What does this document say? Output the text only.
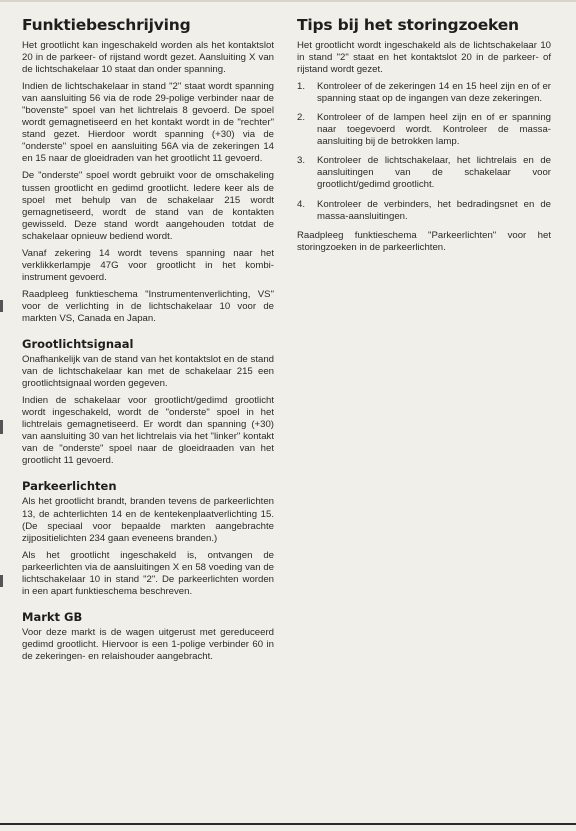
Funktiebeschrijving

Het grootlicht kan ingeschakeld worden als het kontaktslot 20 in de parkeer- of rijstand wordt gezet. Aansluiting X van de lichtschakelaar 10 staat dan onder spanning.

Indien de lichtschakelaar in stand "2" staat wordt spanning van aansluiting 56 via de rode 29-polige verbinder naar de "bovenste" spoel van het lichtrelais 8 gevoerd. De spoel wordt gemagnetiseerd en het kontakt wordt in de "rechter" stand gezet. Hierdoor wordt spanning (+30) via de "onderste" spoel en aansluiting 56A via de zekeringen 14 en 15 naar de gloeidraden van het grootlicht 11 gevoerd.

De "onderste" spoel wordt gebruikt voor de omschakeling tussen grootlicht en gedimd grootlicht. Iedere keer als de spoel met behulp van de schakelaar 215 wordt gemagnetiseerd, wordt de stand van de kontakten gewisseld. Deze stand wordt aangehouden totdat de schakelaar opnieuw bediend wordt.

Vanaf zekering 14 wordt tevens spanning naar het verklikkerlampje 47G voor grootlicht in het kombi-instrument gevoerd.

Raadpleeg funktieschema "Instrumentenverlichting, VS" voor de verlichting in de lichtschakelaar 10 voor de markten VS, Canada en Japan.

Grootlichtsignaal

Onafhankelijk van de stand van het kontaktslot en de stand van de lichtschakelaar kan met de schakelaar 215 een grootlichtsignaal worden gegeven.

Indien de schakelaar voor grootlicht/gedimd grootlicht wordt ingeschakeld, wordt de "onderste" spoel in het lichtrelais gemagnetiseerd. Er wordt dan spanning (+30) van aansluiting 30 van het lichtrelais via het "linker" kontakt van de "onderste" spoel naar de gloeidraaden van het grootlicht 11 gevoerd.

Parkeerlichten

Als het grootlicht brandt, branden tevens de parkeerlichten 13, de achterlichten 14 en de kentekenplaatverlichting 15. (De speciaal voor bepaalde markten aangebrachte zijpositielichten 234 gaan eveneens branden.)

Als het grootlicht ingeschakeld is, ontvangen de parkeerlichten via de aansluitingen X en 58 voeding van de lichtschakelaar 10 in stand "2". De parkeerlichten worden in een apart funktieschema beschreven.

Markt GB

Voor deze markt is de wagen uitgerust met gereduceerd gedimd grootlicht. Hiervoor is een 1-polige verbinder 60 in de zekeringen- en relaishouder aangebracht.

Tips bij het storingzoeken

Het grootlicht wordt ingeschakeld als de lichtschakelaar 10 in stand "2" staat en het kontaktslot 20 in de parkeer- of rijstand wordt gezet.

1.	Kontroleer of de zekeringen 14 en 15 heel zijn en of er spanning staat op de ingangen van deze zekeringen.
2.	Kontroleer of de lampen heel zijn en of er spanning naar toegevoerd wordt. Kontroleer de massa-aansluiting bij de betrokken lamp.
3.	Kontroleer de lichtschakelaar, het lichtrelais en de aansluitingen van de schakelaar voor grootlicht/gedimd grootlicht.
4.	Kontroleer de verbinders, het bedradingsnet en de massa-aansluitingen.

Raadpleeg funktieschema "Parkeerlichten" voor het storingzoeken in de parkeerlichten.
